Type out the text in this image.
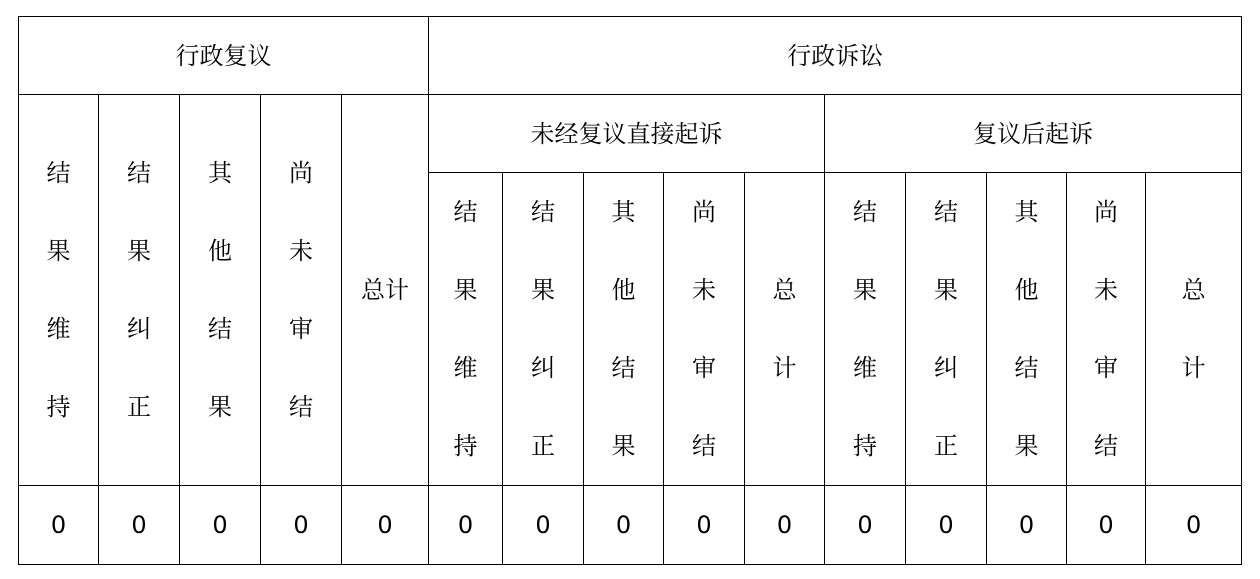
行政复议					行政诉讼									

结
果
维
持	结
果
纠
正	其
他
结
果	尚
未
审
结	总计	未经复议直接起诉					复议后起诉				

					结
果
维
持	结
果
纠
正	其
他
结
果	尚
未
审
结	总
计	结
果
维
持	结
果
纠
正	其
他
结
果	尚
未
审
结	总
计

0	0	0	0	0	0	0	0	0	0	0	0	0	0	0
